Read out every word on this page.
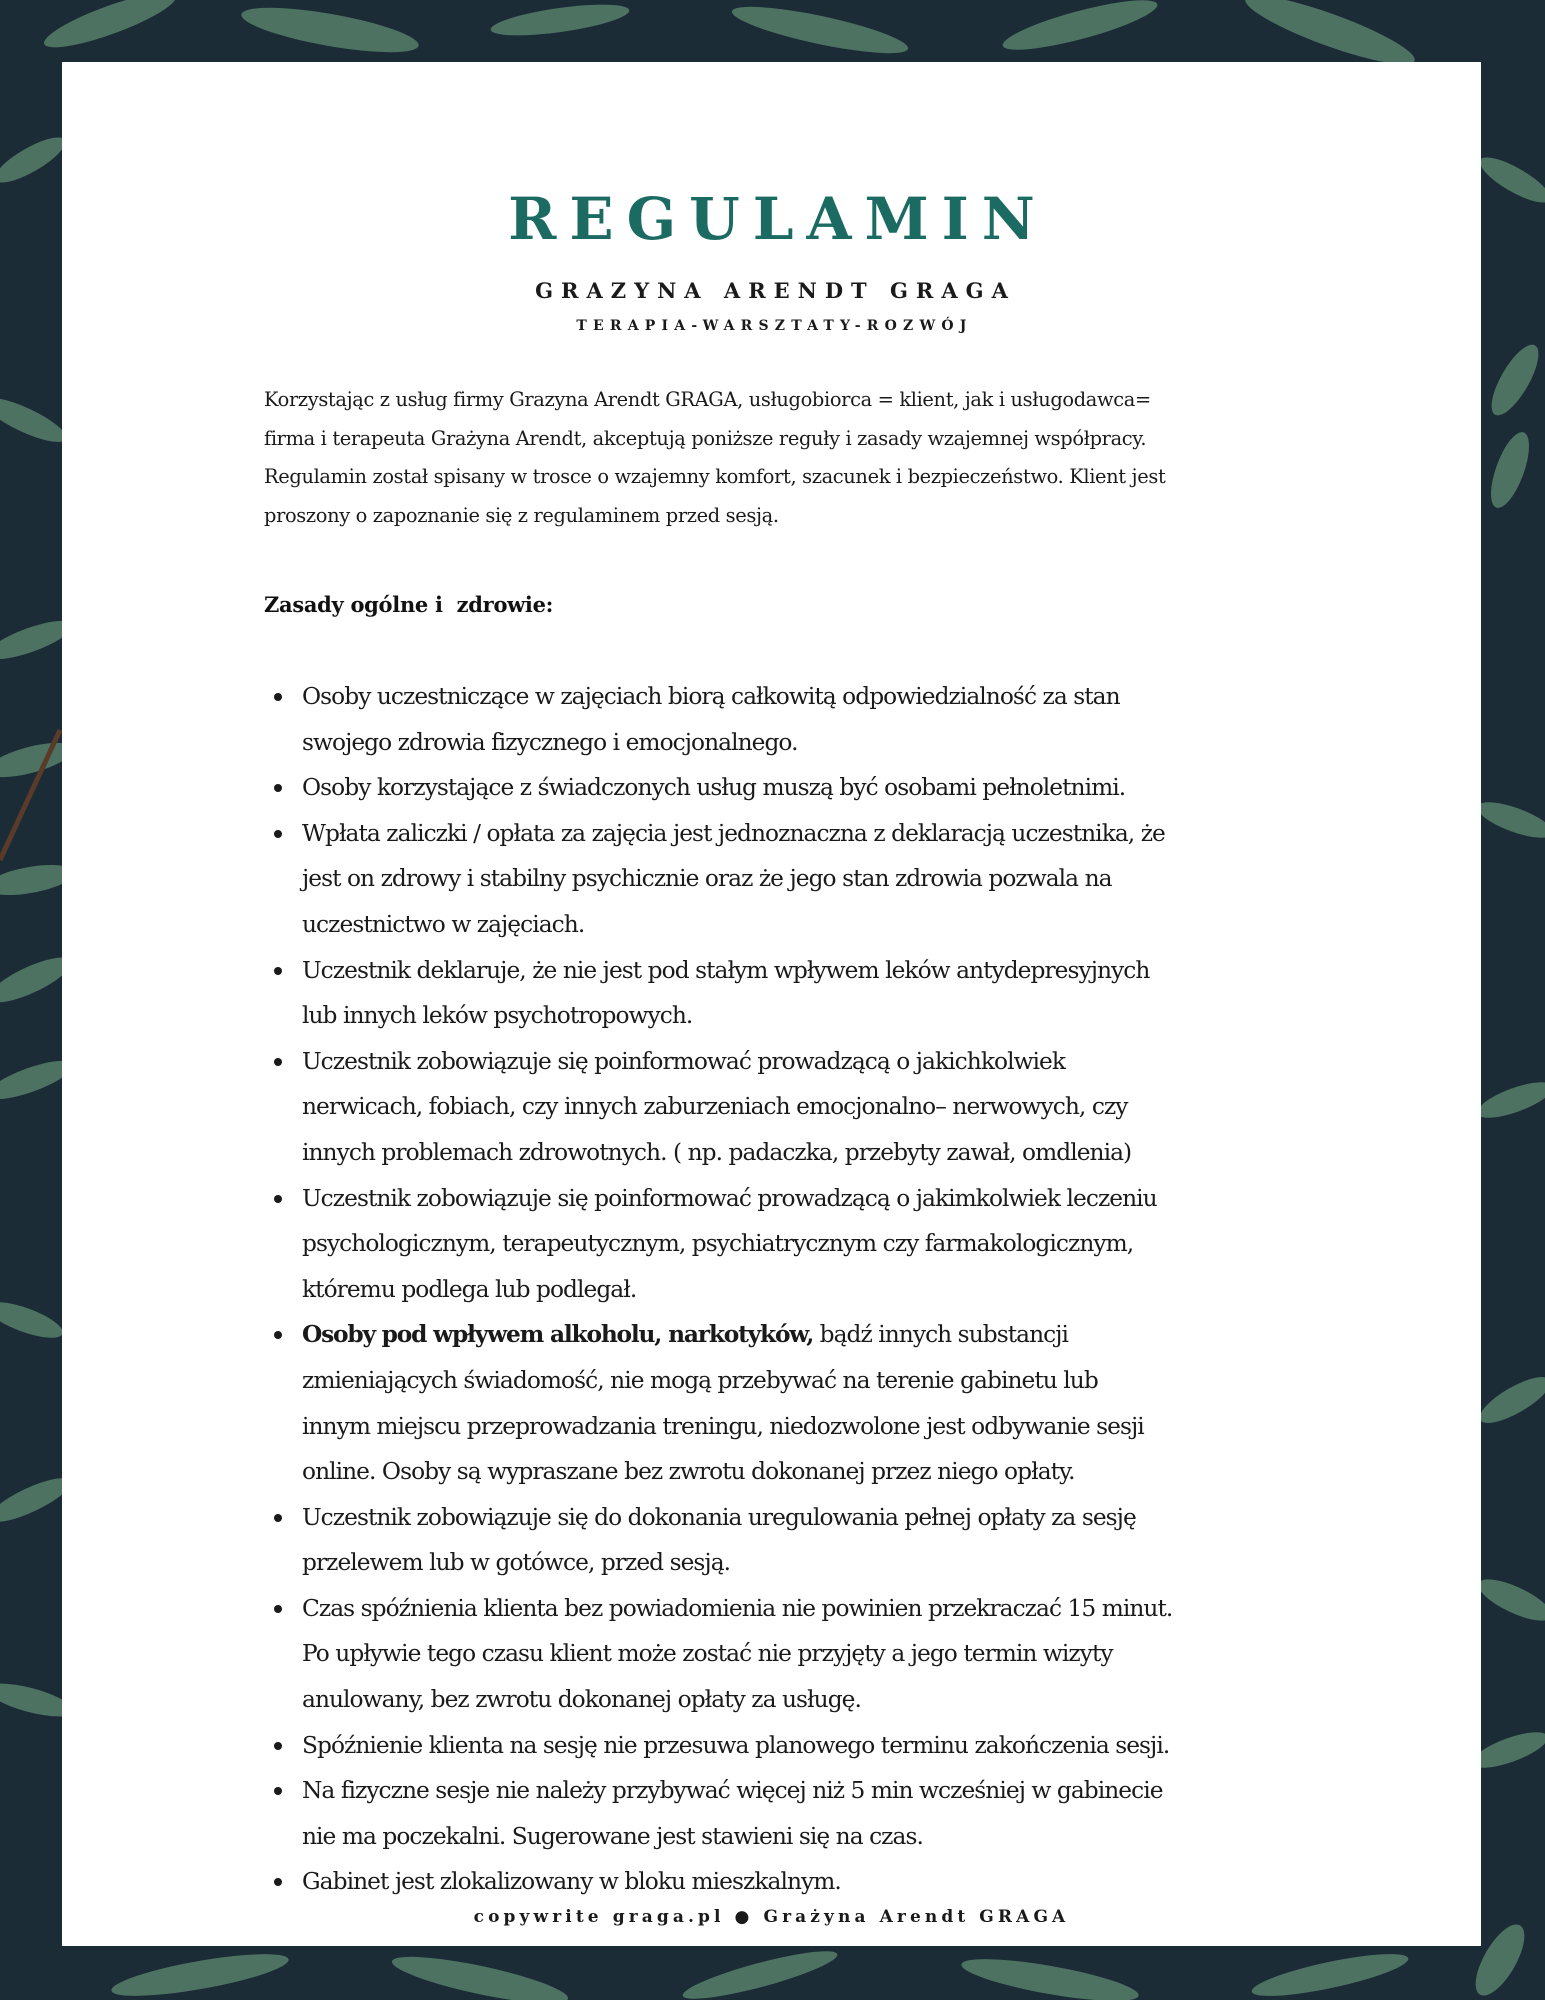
REGULAMIN
GRAZYNA ARENDT GRAGA
TERAPIA-WARSZTATY-ROZWÓJ

Korzystając z usług firmy Grazyna Arendt GRAGA, usługobiorca = klient, jak i usługodawca=
firma i terapeuta Grażyna Arendt, akceptują poniższe reguły i zasady wzajemnej współpracy.
Regulamin został spisany w trosce o wzajemny komfort, szacunek i bezpieczeństwo. Klient jest
proszony o zapoznanie się z regulaminem przed sesją.

Zasady ogólne i  zdrowie:
Osoby uczestniczące w zajęciach biorą całkowitą odpowiedzialność za stan
swojego zdrowia fizycznego i emocjonalnego.
Osoby korzystające z świadczonych usług muszą być osobami pełnoletnimi.
Wpłata zaliczki / opłata za zajęcia jest jednoznaczna z deklaracją uczestnika, że
jest on zdrowy i stabilny psychicznie oraz że jego stan zdrowia pozwala na
uczestnictwo w zajęciach.
Uczestnik deklaruje, że nie jest pod stałym wpływem leków antydepresyjnych
lub innych leków psychotropowych.
Uczestnik zobowiązuje się poinformować prowadzącą o jakichkolwiek
nerwicach, fobiach, czy innych zaburzeniach emocjonalno– nerwowych, czy
innych problemach zdrowotnych. ( np. padaczka, przebyty zawał, omdlenia)
Uczestnik zobowiązuje się poinformować prowadzącą o jakimkolwiek leczeniu
psychologicznym, terapeutycznym, psychiatrycznym czy farmakologicznym,
któremu podlega lub podlegał.
Osoby pod wpływem alkoholu, narkotyków, bądź innych substancji
zmieniających świadomość, nie mogą przebywać na terenie gabinetu lub
innym miejscu przeprowadzania treningu, niedozwolone jest odbywanie sesji
online. Osoby są wypraszane bez zwrotu dokonanej przez niego opłaty.
Uczestnik zobowiązuje się do dokonania uregulowania pełnej opłaty za sesję
przelewem lub w gotówce, przed sesją.
Czas spóźnienia klienta bez powiadomienia nie powinien przekraczać 15 minut.
Po upływie tego czasu klient może zostać nie przyjęty a jego termin wizyty
anulowany, bez zwrotu dokonanej opłaty za usługę.
Spóźnienie klienta na sesję nie przesuwa planowego terminu zakończenia sesji.
Na fizyczne sesje nie należy przybywać więcej niż 5 min wcześniej w gabinecie
nie ma poczekalni. Sugerowane jest stawieni się na czas.
Gabinet jest zlokalizowany w bloku mieszkalnym.
copywrite graga.pl ● Grażyna Arendt GRAGA
